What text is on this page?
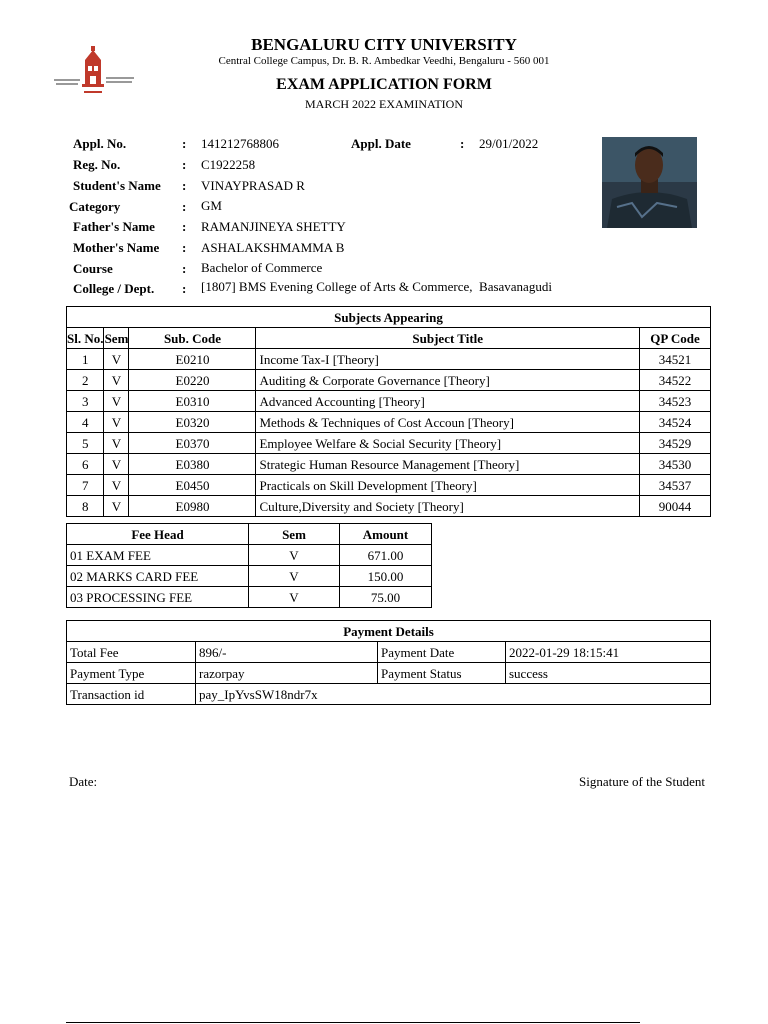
BENGALURU CITY UNIVERSITY
Central College Campus, Dr. B. R. Ambedkar Veedhi, Bengaluru - 560 001
EXAM APPLICATION FORM
MARCH 2022 EXAMINATION
Appl. No.	: 141212768806	Appl. Date	: 29/01/2022
Reg. No.	: C1922258
Student's Name : VINAYPRASAD R
Category	: GM
Father's Name : RAMANJINEYA SHETTY
Mother's Name : ASHALAKSHMAMMA B
Course	: Bachelor of Commerce
College / Dept. : [1807] BMS Evening College of Arts & Commerce,  Basavanagudi
Subjects Appearing				
Sl. No.	Sem	Sub. Code	Subject Title	QP Code
1	V	E0210	Income Tax-I [Theory]	34521
2	V	E0220	Auditing & Corporate Governance [Theory]	34522
3	V	E0310	Advanced Accounting [Theory]	34523
4	V	E0320	Methods & Techniques of Cost Accoun [Theory]	34524
5	V	E0370	Employee Welfare & Social Security [Theory]	34529
6	V	E0380	Strategic Human Resource Management [Theory]	34530
7	V	E0450	Practicals on Skill Development [Theory]	34537
8	V	E0980	Culture,Diversity and Society [Theory]	90044
Fee Head	Sem	Amount
01 EXAM FEE	V	671.00
02 MARKS CARD FEE	V	150.00
03 PROCESSING FEE	V	75.00
Payment Details			
Total Fee	896/-	Payment Date	2022-01-29 18:15:41
Payment Type	razorpay	Payment Status	success
Transaction id	pay_IpYvsSW18ndr7x		
Date:	Signature of the Student
